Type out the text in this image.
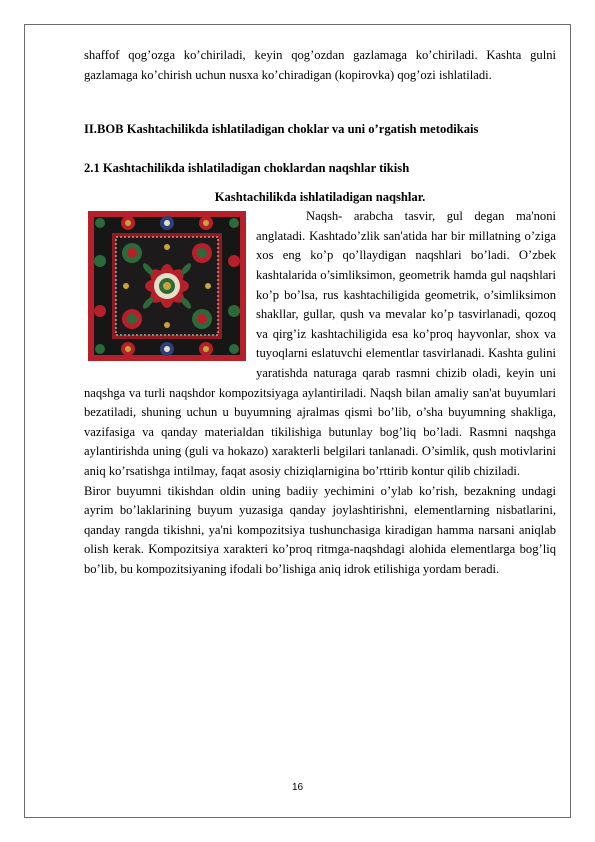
shaffof qog’ozga ko’chiriladi, keyin qog’ozdan gazlamaga ko’chiriladi. Kashta gulni gazlamaga ko’chirish uchun nusxa ko’chiradigan (kopirovka) qog’ozi ishlatiladi.

II.BOB Kashtachilikda ishlatiladigan choklar va uni o’rgatish metodikais

2.1 Kashtachilikda ishlatiladigan choklardan naqshlar tikish

Kashtachilikda ishlatiladigan naqshlar.

Naqsh- arabcha tasvir, gul degan ma'noni anglatadi. Kashtado’zlik san'atida har bir millatning o’ziga xos eng ko’p qo’llaydigan naqshlari bo’ladi. O’zbek kashtalarida o’simliksimon, geometrik hamda gul naqshlari ko’p bo’lsa, rus kashtachiligida geometrik, o’simliksimon shakllar, gullar, qush va mevalar ko’p tasvirlanadi, qozoq va qirg’iz kashtachiligida esa ko’proq hayvonlar, shox va tuyoqlarni eslatuvchi elementlar tasvirlanadi. Kashta gulini yaratishda naturaga qarab rasmni chizib oladi, keyin uni naqshga va turli naqshdor kompozitsiyaga aylantiriladi. Naqsh bilan amaliy san'at buyumlari bezatiladi, shuning uchun u buyumning ajralmas qismi bo’lib, o’sha buyumning shakliga, vazifasiga va qanday materialdan tikilishiga butunlay bog’liq bo’ladi. Rasmni naqshga aylantirishda uning (guli va hokazo) xarakterli belgilari tanlanadi. O’simlik, qush motivlarini aniq ko’rsatishga intilmay, faqat asosiy chiziqlarnigina bo’rttirib kontur qilib chiziladi.

Biror buyumni tikishdan oldin uning badiiy yechimini o’ylab ko’rish, bezakning undagi ayrim bo’laklarining buyum yuzasiga qanday joylashtirishni, elementlarning nisbatlarini, qanday rangda tikishni, ya'ni kompozitsiya tushunchasiga kiradigan hamma narsani aniqlab olish kerak. Kompozitsiya xarakteri ko’proq ritmga-naqshdagi alohida elementlarga bog’liq bo’lib, bu kompozitsiyaning ifodali bo’lishiga aniq idrok etilishiga yordam beradi.

16
